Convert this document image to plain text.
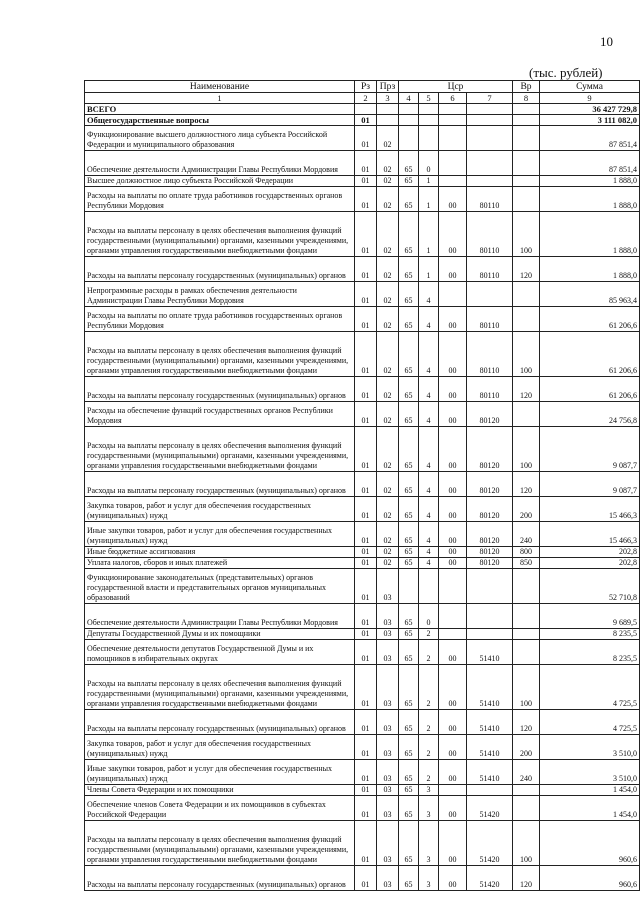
10
(тыс. рублей)
Наименование	Рз	Прз	Цср				Вр	Сумма
1	2	3	4	5	6	7	8	9
ВСЕГО								36 427 729,8
Общегосударственные вопросы	01							3 111 082,0
Функционирование высшего должностного лица субъекта Российской Федерации и муниципального образования	01	02						87 851,4
Обеспечение деятельности Администрации Главы Республики Мордовия	01	02	65	0				87 851,4
Высшее должностное лицо субъекта Российской Федерации	01	02	65	1				1 888,0
Расходы на выплаты по оплате труда работников государственных органов Республики Мордовия	01	02	65	1	00	80110		1 888,0
Расходы на выплаты персоналу в целях обеспечения выполнения функций государственными (муниципальными) органами, казенными учреждениями, органами управления государственными внебюджетными фондами	01	02	65	1	00	80110	100	1 888,0
Расходы на выплаты персоналу государственных (муниципальных) органов	01	02	65	1	00	80110	120	1 888,0
Непрограммные расходы в рамках обеспечения деятельности Администрации Главы Республики Мордовия	01	02	65	4				85 963,4
Расходы на выплаты по оплате труда работников государственных органов Республики Мордовия	01	02	65	4	00	80110		61 206,6
Расходы на выплаты персоналу в целях обеспечения выполнения функций государственными (муниципальными) органами, казенными учреждениями, органами управления государственными внебюджетными фондами	01	02	65	4	00	80110	100	61 206,6
Расходы на выплаты персоналу государственных (муниципальных) органов	01	02	65	4	00	80110	120	61 206,6
Расходы на обеспечение функций государственных органов Республики Мордовия	01	02	65	4	00	80120		24 756,8
Расходы на выплаты персоналу в целях обеспечения выполнения функций государственными (муниципальными) органами, казенными учреждениями, органами управления государственными внебюджетными фондами	01	02	65	4	00	80120	100	9 087,7
Расходы на выплаты персоналу государственных (муниципальных) органов	01	02	65	4	00	80120	120	9 087,7
Закупка товаров, работ и услуг для обеспечения государственных (муниципальных) нужд	01	02	65	4	00	80120	200	15 466,3
Иные закупки товаров, работ и услуг для обеспечения государственных (муниципальных) нужд	01	02	65	4	00	80120	240	15 466,3
Иные бюджетные ассигнования	01	02	65	4	00	80120	800	202,8
Уплата налогов, сборов и иных платежей	01	02	65	4	00	80120	850	202,8
Функционирование законодательных (представительных) органов государственной власти и представительных органов муниципальных образований	01	03						52 710,8
Обеспечение деятельности Администрации Главы Республики Мордовия	01	03	65	0				9 689,5
Депутаты Государственной Думы и их помощники	01	03	65	2				8 235,5
Обеспечение деятельности депутатов Государственной Думы и их помощников в избирательных округах	01	03	65	2	00	51410		8 235,5
Расходы на выплаты персоналу в целях обеспечения выполнения функций государственными (муниципальными) органами, казенными учреждениями, органами управления государственными внебюджетными фондами	01	03	65	2	00	51410	100	4 725,5
Расходы на выплаты персоналу государственных (муниципальных) органов	01	03	65	2	00	51410	120	4 725,5
Закупка товаров, работ и услуг для обеспечения государственных (муниципальных) нужд	01	03	65	2	00	51410	200	3 510,0
Иные закупки товаров, работ и услуг для обеспечения государственных (муниципальных) нужд	01	03	65	2	00	51410	240	3 510,0
Члены Совета Федерации и их помощники	01	03	65	3				1 454,0
Обеспечение членов Совета Федерации и их помощников в субъектах Российской Федерации	01	03	65	3	00	51420		1 454,0
Расходы на выплаты персоналу в целях обеспечения выполнения функций государственными (муниципальными) органами, казенными учреждениями, органами управления государственными внебюджетными фондами	01	03	65	3	00	51420	100	960,6
Расходы на выплаты персоналу государственных (муниципальных) органов	01	03	65	3	00	51420	120	960,6
